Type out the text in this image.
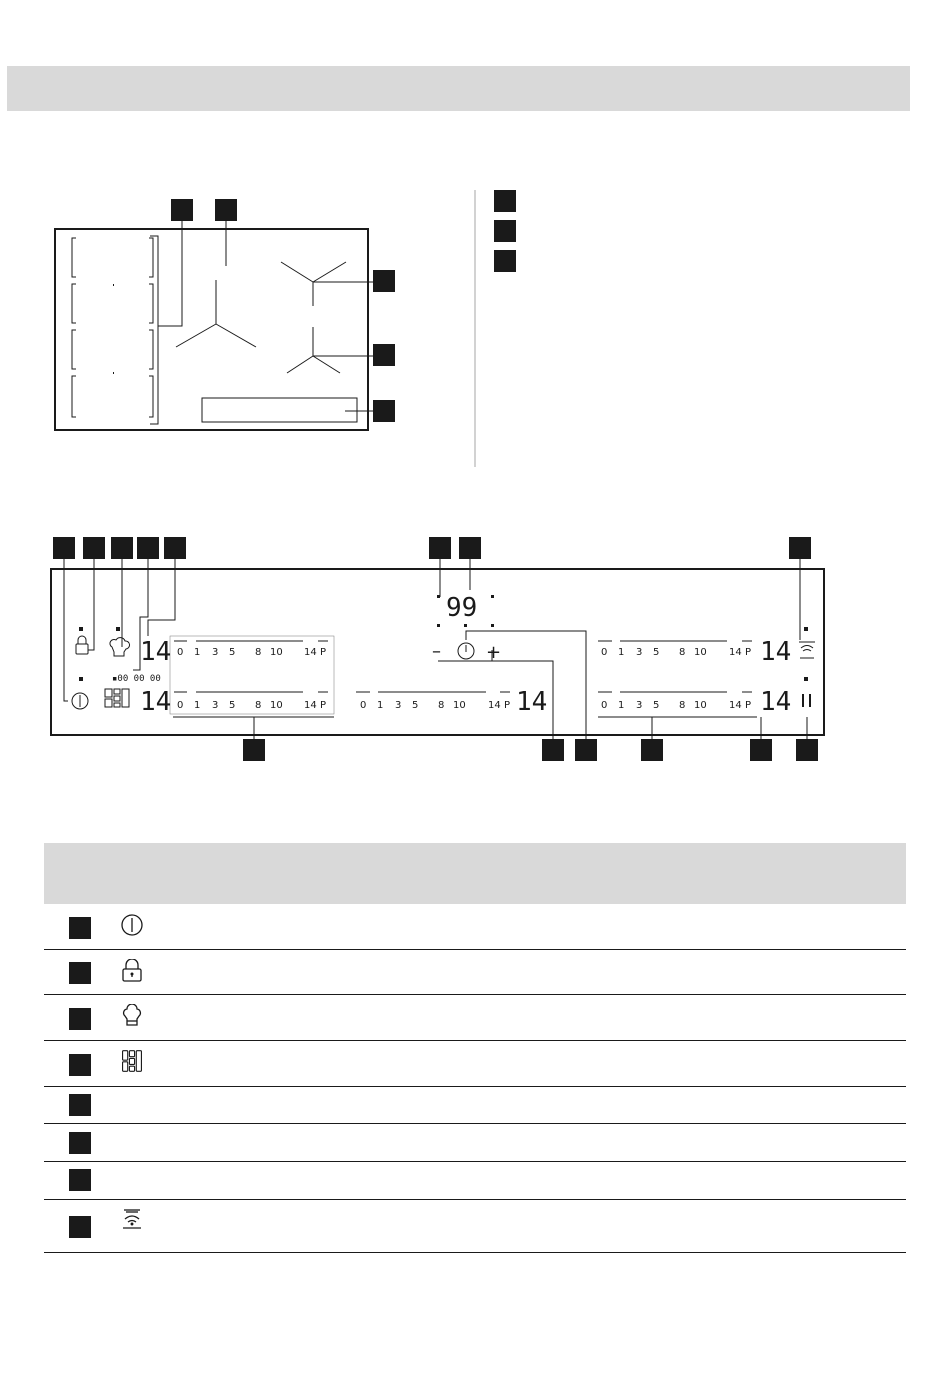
▪00 00 00
14
14	14
14
14
99
–	+
0 1 3 5 8 10 14 P
0 1 3 5 8 10 14 P	0 1 3 5 8 10 14 P
0 1 3 5 8 10 14 P
0 1 3 5 8 10 14 P
